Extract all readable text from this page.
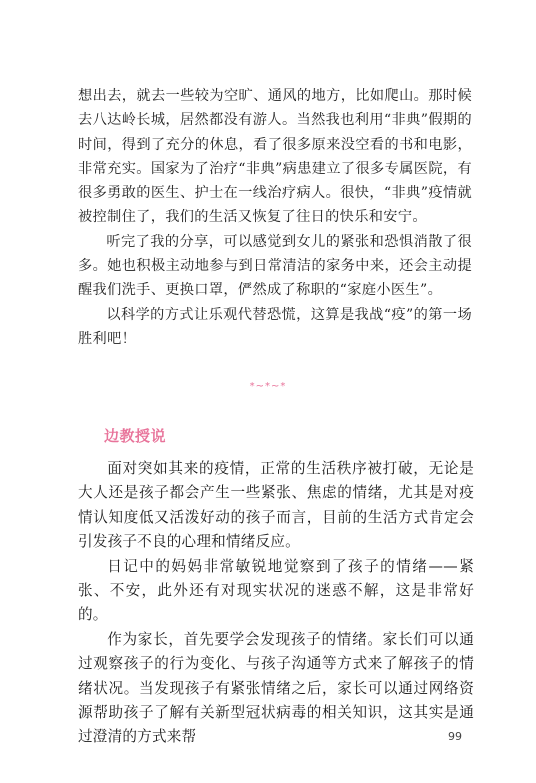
想出去，就去一些较为空旷、通风的地方，比如爬山。那时候去八达岭长城，居然都没有游人。当然我也利用“非典”假期的时间，得到了充分的休息，看了很多原来没空看的书和电影，非常充实。国家为了治疗“非典”病患建立了很多专属医院，有很多勇敢的医生、护士在一线治疗病人。很快，“非典”疫情就被控制住了，我们的生活又恢复了往日的快乐和安宁。

听完了我的分享，可以感觉到女儿的紧张和恐惧消散了很多。她也积极主动地参与到日常清洁的家务中来，还会主动提醒我们洗手、更换口罩，俨然成了称职的“家庭小医生”。

以科学的方式让乐观代替恐慌，这算是我战“疫”的第一场胜利吧！

*~*~*
边教授说

面对突如其来的疫情，正常的生活秩序被打破，无论是大人还是孩子都会产生一些紧张、焦虑的情绪，尤其是对疫情认知度低又活泼好动的孩子而言，目前的生活方式肯定会引发孩子不良的心理和情绪反应。

日记中的妈妈非常敏锐地觉察到了孩子的情绪——紧张、不安，此外还有对现实状况的迷惑不解，这是非常好的。

作为家长，首先要学会发现孩子的情绪。家长们可以通过观察孩子的行为变化、与孩子沟通等方式来了解孩子的情绪状况。当发现孩子有紧张情绪之后，家长可以通过网络资源帮助孩子了解有关新型冠状病毒的相关知识，这其实是通过澄清的方式来帮	99
